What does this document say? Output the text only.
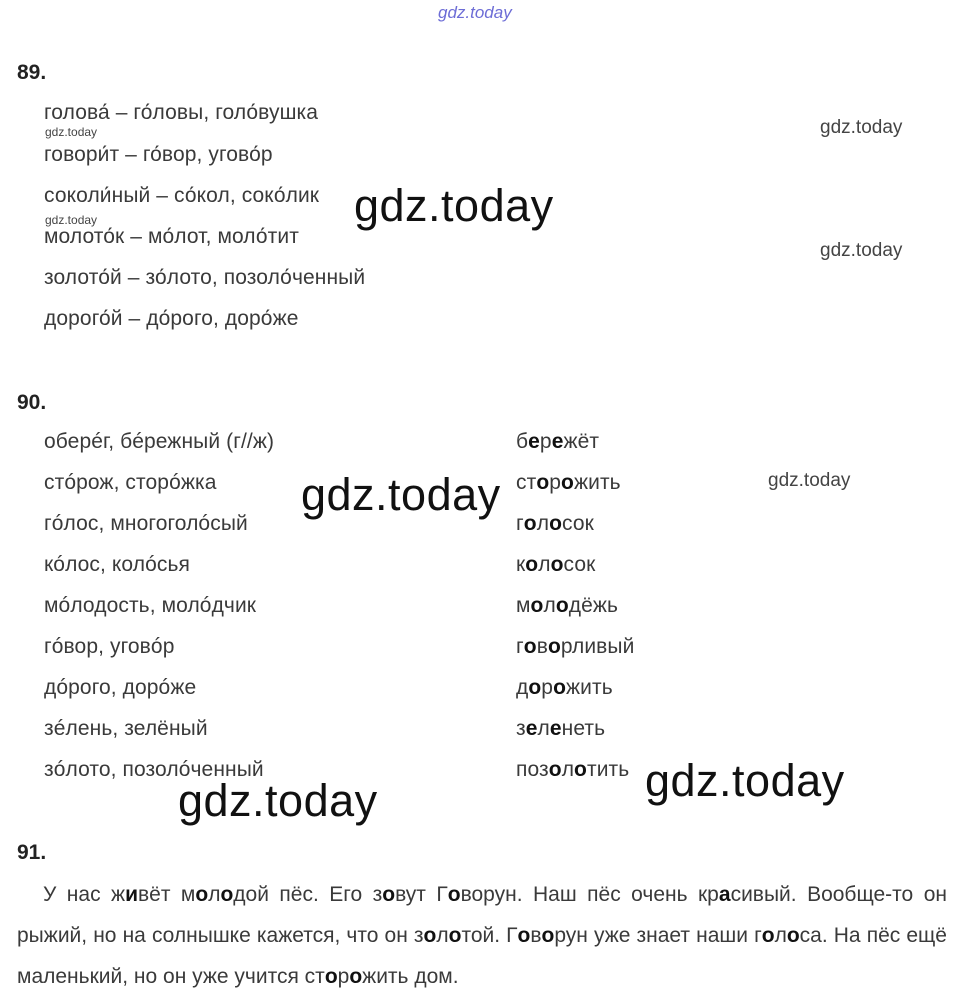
gdz.today
89.
голова́ – го́ловы, голо́вушка
говори́т – го́вор, угово́р
соколи́ный – со́кол, соко́лик
молото́к – мо́лот, моло́тит
золото́й – зо́лото, позоло́ченный
дорого́й – до́рого, доро́же
90.
оберéг, бéрежный (г//ж)
стóрож, сторóжка
гóлос, многоголóсый
кóлос, колóсья
мóлодость, молóдчик
гóвор, уговóр
дóрого, дорóже
зéлень, зелёный
зóлото, позолóченный
бережёт
сторожить
голосок
колосок
молодёжь
говорливый
дорожить
зеленеть
позолотить
91.
У нас живёт молодой пёс. Его зовут Говорун. Наш пёс очень красивый. Вообще-то он рыжий, но на солнышке кажется, что он золотой. Говорун уже знает наши голоса. На пёс ещё маленький, но он уже учится сторожить дом.
gdz.today
gdz.today
gdz.today
gdz.today
gdz.today
gdz.today
gdz.today
gdz.today
gdz.today
